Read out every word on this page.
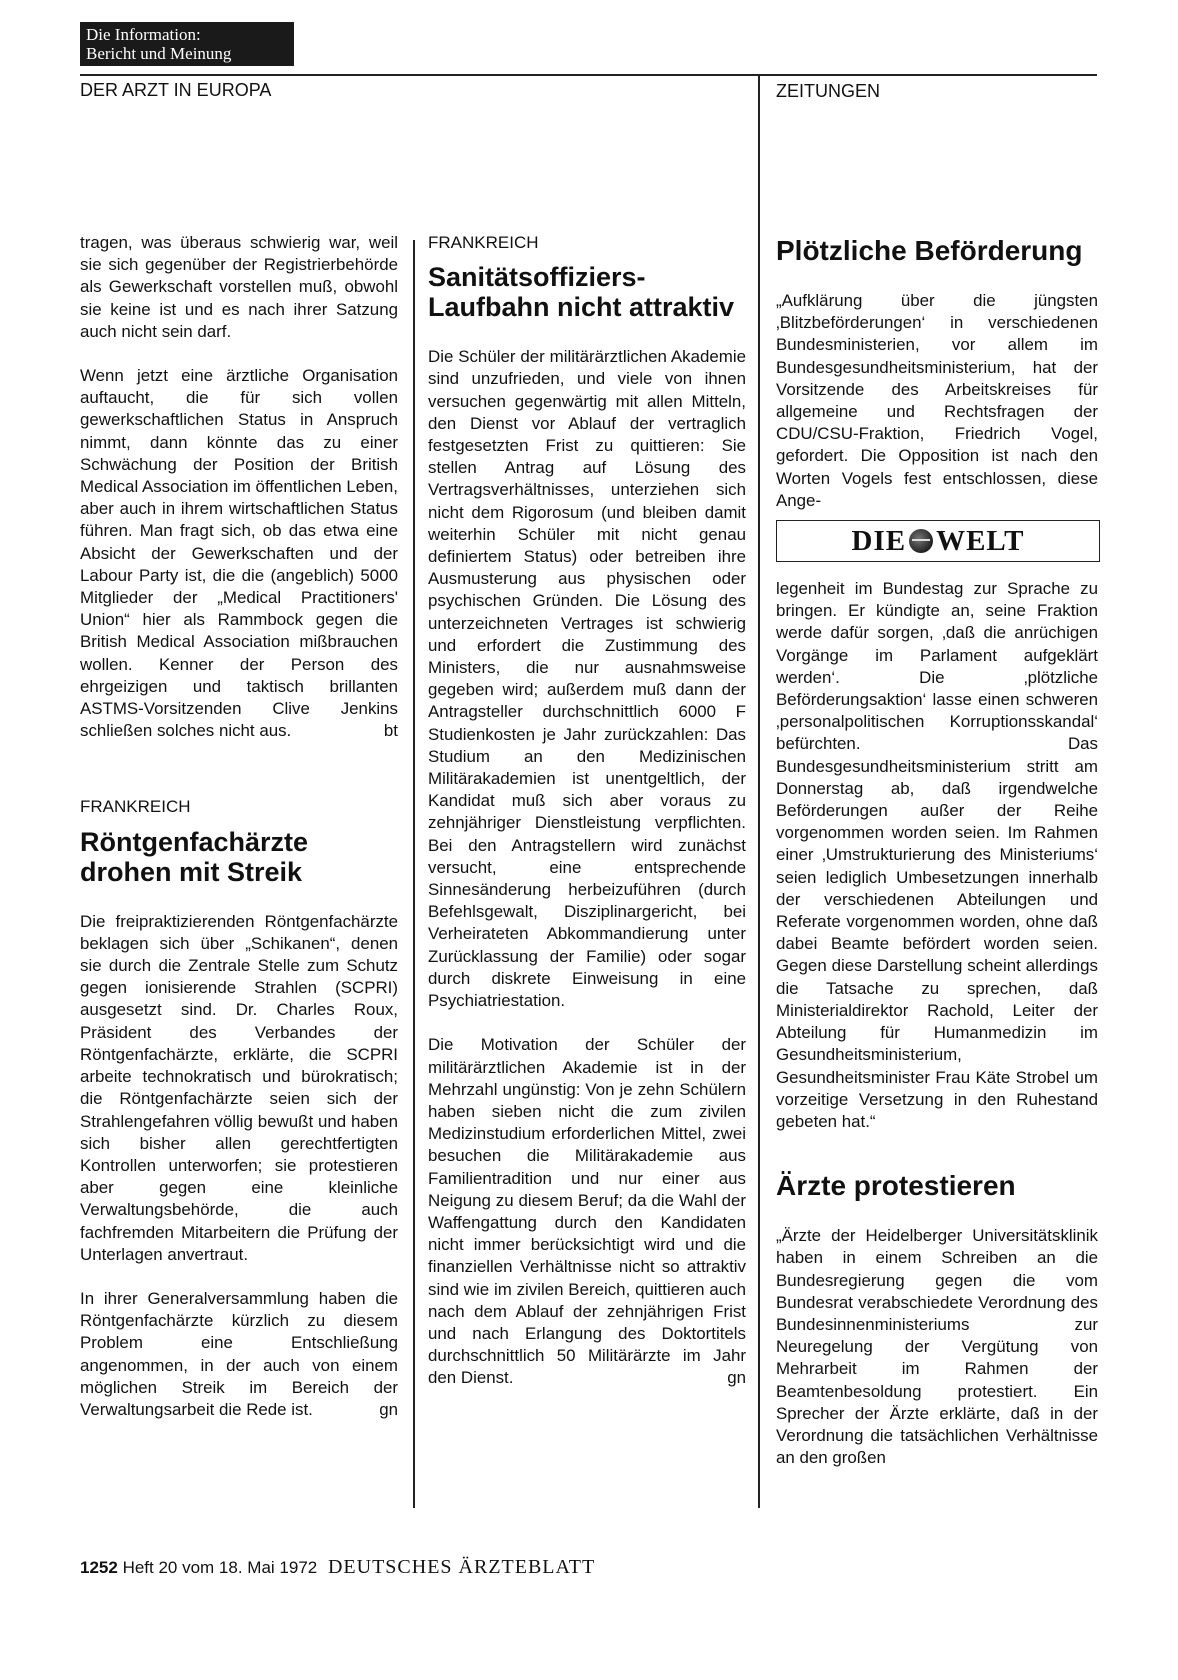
Die Information:
Bericht und Meinung
DER ARZT IN EUROPA	ZEITUNGEN

tragen, was überaus schwierig war, weil sie sich gegenüber der Registrierbehörde als Gewerkschaft vorstellen muß, obwohl sie keine ist und es nach ihrer Satzung auch nicht sein darf.

Wenn jetzt eine ärztliche Organisation auftaucht, die für sich vollen gewerkschaftlichen Status in Anspruch nimmt, dann könnte das zu einer Schwächung der Position der British Medical Association im öffentlichen Leben, aber auch in ihrem wirtschaftlichen Status führen. Man fragt sich, ob das etwa eine Absicht der Gewerkschaften und der Labour Party ist, die die (angeblich) 5000 Mitglieder der „Medical Practitioners' Union“ hier als Rammbock gegen die British Medical Association mißbrauchen wollen. Kenner der Person des ehrgeizigen und taktisch brillanten ASTMS-Vorsitzenden Clive Jenkins schließen solches nicht aus.	bt

FRANKREICH
Röntgenfachärzte drohen mit Streik

Die freipraktizierenden Röntgenfachärzte beklagen sich über „Schikanen“, denen sie durch die Zentrale Stelle zum Schutz gegen ionisierende Strahlen (SCPRI) ausgesetzt sind. Dr. Charles Roux, Präsident des Verbandes der Röntgenfachärzte, erklärte, die SCPRI arbeite technokratisch und bürokratisch; die Röntgenfachärzte seien sich der Strahlengefahren völlig bewußt und haben sich bisher allen gerechtfertigten Kontrollen unterworfen; sie protestieren aber gegen eine kleinliche Verwaltungsbehörde, die auch fachfremden Mitarbeitern die Prüfung der Unterlagen anvertraut.

In ihrer Generalversammlung haben die Röntgenfachärzte kürzlich zu diesem Problem eine Entschließung angenommen, in der auch von einem möglichen Streik im Bereich der Verwaltungsarbeit die Rede ist.	gn

FRANKREICH
Sanitätsoffiziers-Laufbahn nicht attraktiv

Die Schüler der militärärztlichen Akademie sind unzufrieden, und viele von ihnen versuchen gegenwärtig mit allen Mitteln, den Dienst vor Ablauf der vertraglich festgesetzten Frist zu quittieren: Sie stellen Antrag auf Lösung des Vertragsverhältnisses, unterziehen sich nicht dem Rigorosum (und bleiben damit weiterhin Schüler mit nicht genau definiertem Status) oder betreiben ihre Ausmusterung aus physischen oder psychischen Gründen. Die Lösung des unterzeichneten Vertrages ist schwierig und erfordert die Zustimmung des Ministers, die nur ausnahmsweise gegeben wird; außerdem muß dann der Antragsteller durchschnittlich 6000 F Studienkosten je Jahr zurückzahlen: Das Studium an den Medizinischen Militärakademien ist unentgeltlich, der Kandidat muß sich aber voraus zu zehnjähriger Dienstleistung verpflichten. Bei den Antragstellern wird zunächst versucht, eine entsprechende Sinnesänderung herbeizuführen (durch Befehlsgewalt, Disziplinargericht, bei Verheirateten Abkommandierung unter Zurücklassung der Familie) oder sogar durch diskrete Einweisung in eine Psychiatriestation.

Die Motivation der Schüler der militärärztlichen Akademie ist in der Mehrzahl ungünstig: Von je zehn Schülern haben sieben nicht die zum zivilen Medizinstudium erforderlichen Mittel, zwei besuchen die Militärakademie aus Familientradition und nur einer aus Neigung zu diesem Beruf; da die Wahl der Waffengattung durch den Kandidaten nicht immer berücksichtigt wird und die finanziellen Verhältnisse nicht so attraktiv sind wie im zivilen Bereich, quittieren auch nach dem Ablauf der zehnjährigen Frist und nach Erlangung des Doktortitels durchschnittlich 50 Militärärzte im Jahr den Dienst.	gn

Plötzliche Beförderung

„Aufklärung über die jüngsten ‚Blitzbeförderungen‘ in verschiedenen Bundesministerien, vor allem im Bundesgesundheitsministerium, hat der Vorsitzende des Arbeitskreises für allgemeine und Rechtsfragen der CDU/CSU-Fraktion, Friedrich Vogel, gefordert. Die Opposition ist nach den Worten Vogels fest entschlossen, diese Ange-

DIE WELT

legenheit im Bundestag zur Sprache zu bringen. Er kündigte an, seine Fraktion werde dafür sorgen, ‚daß die anrüchigen Vorgänge im Parlament aufgeklärt werden‘. Die ‚plötzliche Beförderungsaktion‘ lasse einen schweren ‚personalpolitischen Korruptionsskandal‘ befürchten. Das Bundesgesundheitsministerium stritt am Donnerstag ab, daß irgendwelche Beförderungen außer der Reihe vorgenommen worden seien. Im Rahmen einer ‚Umstrukturierung des Ministeriums‘ seien lediglich Umbesetzungen innerhalb der verschiedenen Abteilungen und Referate vorgenommen worden, ohne daß dabei Beamte befördert worden seien. Gegen diese Darstellung scheint allerdings die Tatsache zu sprechen, daß Ministerialdirektor Rachold, Leiter der Abteilung für Humanmedizin im Gesundheitsministerium, Gesundheitsminister Frau Käte Strobel um vorzeitige Versetzung in den Ruhestand gebeten hat.“

Ärzte protestieren

„Ärzte der Heidelberger Universitätsklinik haben in einem Schreiben an die Bundesregierung gegen die vom Bundesrat verabschiedete Verordnung des Bundesinnenministeriums zur Neuregelung der Vergütung von Mehrarbeit im Rahmen der Beamtenbesoldung protestiert. Ein Sprecher der Ärzte erklärte, daß in der Verordnung die tatsächlichen Verhältnisse an den großen

1252 Heft 20 vom 18. Mai 1972 DEUTSCHES ÄRZTEBLATT
